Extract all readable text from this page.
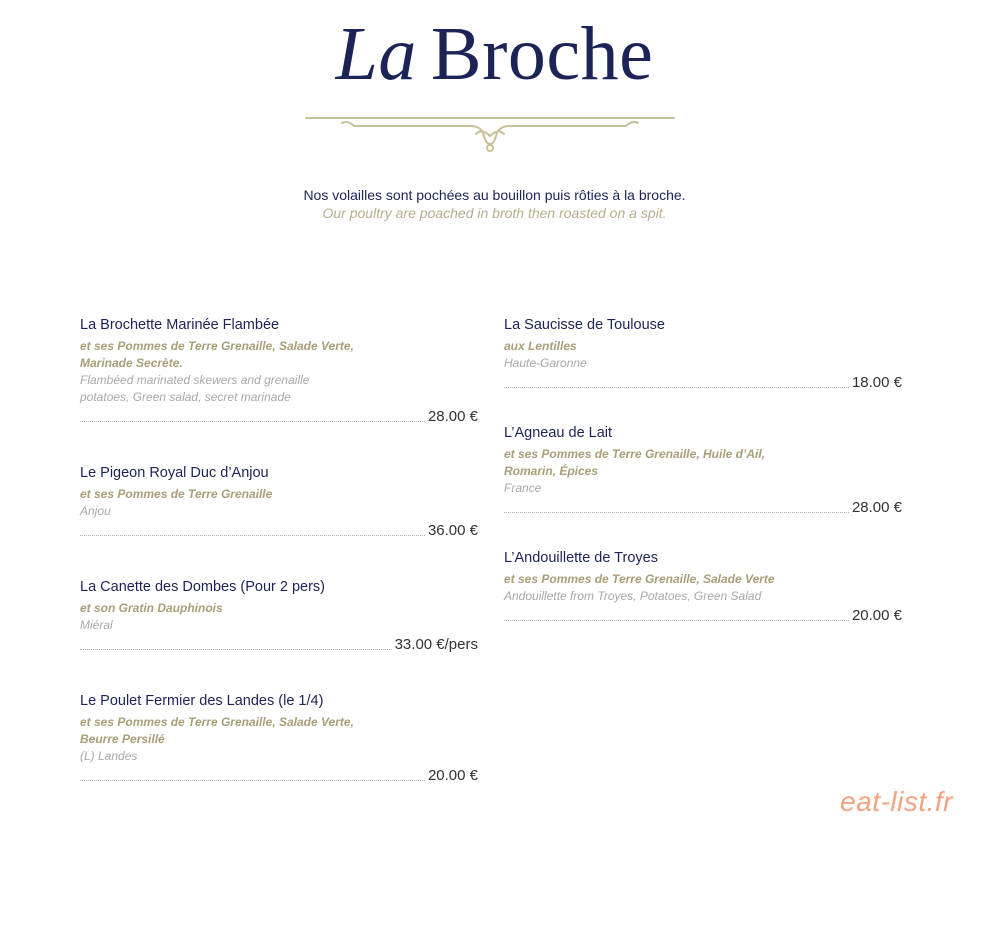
La Broche
Nos volailles sont pochées au bouillon puis rôties à la broche.
Our poultry are poached in broth then roasted on a spit.
La Brochette Marinée Flambée
et ses Pommes de Terre Grenaille, Salade Verte,
Marinade Secrète.
Flambéed marinated skewers and grenaille
potatoes, Green salad, secret marinade
28.00 €
Le Pigeon Royal Duc d’Anjou
et ses Pommes de Terre Grenaille
Anjou
36.00 €
La Canette des Dombes (Pour 2 pers)
et son Gratin Dauphinois
Miéral
33.00 €/pers
Le Poulet Fermier des Landes (le 1/4)
et ses Pommes de Terre Grenaille, Salade Verte,
Beurre Persillé
(L) Landes
20.00 €
La Saucisse de Toulouse
aux Lentilles
Haute-Garonne
18.00 €
L’Agneau de Lait
et ses Pommes de Terre Grenaille, Huile d’Ail,
Romarin, Épices
France
28.00 €
L’Andouillette de Troyes
et ses Pommes de Terre Grenaille, Salade Verte
Andouillette from Troyes, Potatoes, Green Salad
20.00 €
eat-list.fr
